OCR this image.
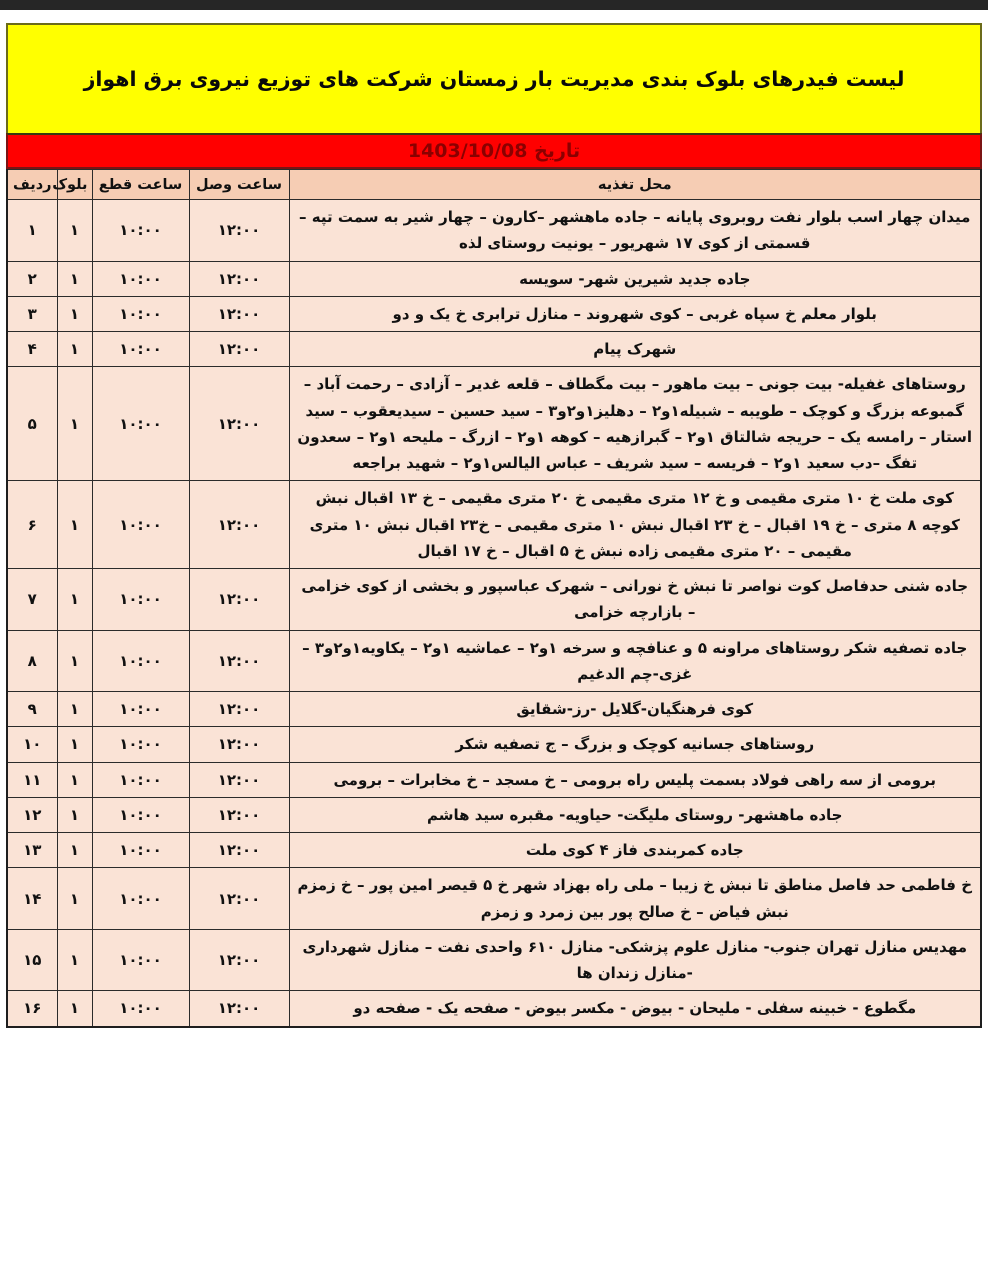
لیست فیدرهای بلوک بندی مدیریت بار زمستان شرکت های توزیع نیروی برق اهواز
تاریخ 1403/10/08
محل تغذیه	ساعت وصل	ساعت قطع	بلوک	ردیف
میدان چهار اسب بلوار نفت روبروی پایانه – جاده ماهشهر –کارون – چهار شیر به سمت تپه – قسمتی از کوی ۱۷ شهریور – یونیت روستای لذه	۱۲:۰۰	۱۰:۰۰	۱	۱
جاده جدید شیرین شهر- سویسه	۱۲:۰۰	۱۰:۰۰	۱	۲
بلوار معلم خ سپاه غربی – کوی شهروند – منازل ترابری خ یک و دو	۱۲:۰۰	۱۰:۰۰	۱	۳
شهرک پیام	۱۲:۰۰	۱۰:۰۰	۱	۴
روستاهای غفیله- بیت جونی – بیت ماهور – بیت مگطاف – قلعه غدیر – آزادی – رحمت آباد – گمبوعه بزرگ و کوچک – طویبه – شبیله۱و۲ – دهلیز۱و۲و۳ – سید حسین – سیدیعقوب – سید استار – رامسه یک – حریجه شالتاق ۱و۲ – گبرازهیه – کوهه ۱و۲ – ازرگ – ملیحه ۱و۲ – سعدون تفگ –دب سعید ۱و۲ – فریسه – سید شریف – عباس الیالس۱و۲ – شهید براجعه	۱۲:۰۰	۱۰:۰۰	۱	۵
کوی ملت خ ۱۰ متری مقیمی و خ ۱۲ متری مقیمی خ ۲۰ متری مقیمی – خ ۱۳ اقبال نبش کوچه ۸ متری – خ ۱۹ اقبال – خ ۲۳ اقبال نبش ۱۰ متری مقیمی – خ۲۳ اقبال نبش ۱۰ متری مقیمی – ۲۰ متری مقیمی زاده نبش خ ۵ اقبال – خ ۱۷ اقبال	۱۲:۰۰	۱۰:۰۰	۱	۶
جاده شنی حدفاصل کوت نواصر تا نبش خ نورانی – شهرک عباسپور و بخشی از کوی خزامی – بازارچه خزامی	۱۲:۰۰	۱۰:۰۰	۱	۷
جاده تصفیه شکر روستاهای مراونه ۵ و عنافچه و سرخه ۱و۲ – عماشیه ۱و۲ – یکاویه۱و۲و۳ – غزی-چم الدغیم	۱۲:۰۰	۱۰:۰۰	۱	۸
کوی فرهنگیان-گلایل -رز-شقایق	۱۲:۰۰	۱۰:۰۰	۱	۹
روستاهای جسانیه کوچک و بزرگ – ج تصفیه شکر	۱۲:۰۰	۱۰:۰۰	۱	۱۰
برومی از سه راهی فولاد بسمت پلیس راه برومی – خ مسجد – خ مخابرات – برومی	۱۲:۰۰	۱۰:۰۰	۱	۱۱
جاده ماهشهر- روستای ملیگت- حیاویه- مقبره سید هاشم	۱۲:۰۰	۱۰:۰۰	۱	۱۲
جاده کمربندی فاز ۴ کوی ملت	۱۲:۰۰	۱۰:۰۰	۱	۱۳
خ فاطمی حد فاصل مناطق تا نبش خ زیبا – ملی راه بهزاد شهر خ ۵ قیصر امین پور – خ زمزم نبش فیاض – خ صالح پور بین زمرد و زمزم	۱۲:۰۰	۱۰:۰۰	۱	۱۴
مهدیس منازل تهران جنوب- منازل علوم پزشکی- منازل ۶۱۰ واحدی نفت – منازل شهرداری -منازل زندان ها	۱۲:۰۰	۱۰:۰۰	۱	۱۵
مگطوع - خبینه سفلی - ملیحان - بیوض - مکسر بیوض - صفحه یک - صفحه دو	۱۲:۰۰	۱۰:۰۰	۱	۱۶
